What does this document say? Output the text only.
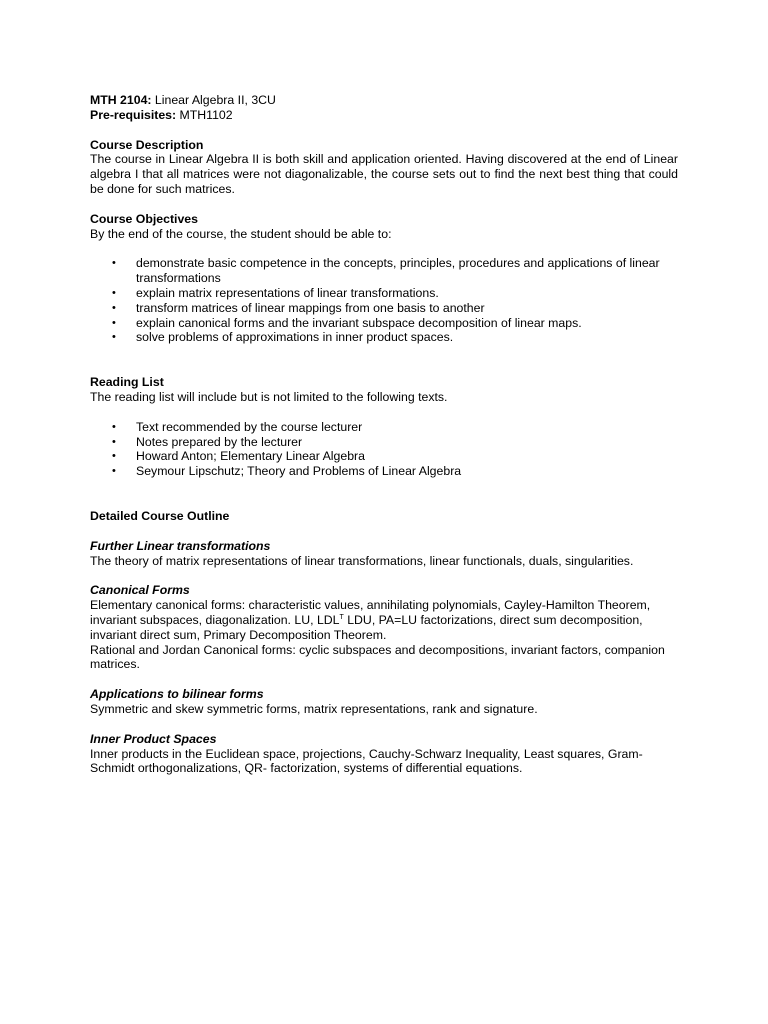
MTH 2104: Linear Algebra II, 3CU

Pre-requisites: MTH1102

Course Description

The course in Linear Algebra II is both skill and application oriented. Having discovered at the end of Linear algebra I that all matrices were not diagonalizable, the course sets out to find the next best thing that could be done for such matrices.

Course Objectives

By the end of the course, the student should be able to:

• demonstrate basic competence in the concepts, principles, procedures and applications of linear transformations
• explain matrix representations of linear transformations.
• transform matrices of linear mappings from one basis to another
• explain canonical forms and the invariant subspace decomposition of linear maps.
• solve problems of approximations in inner product spaces.

Reading List

The reading list will include but is not limited to the following texts.

• Text recommended by the course lecturer
• Notes prepared by the lecturer
• Howard Anton; Elementary Linear Algebra
• Seymour Lipschutz; Theory and Problems of Linear Algebra

Detailed Course Outline

Further Linear transformations

The theory of matrix representations of linear transformations, linear functionals, duals, singularities.

Canonical Forms

Elementary canonical forms: characteristic values, annihilating polynomials, Cayley-Hamilton Theorem, invariant subspaces, diagonalization. LU, $LDL^T$ LDU, PA=LU factorizations, direct sum decomposition, invariant direct sum, Primary Decomposition Theorem.

Rational and Jordan Canonical forms: cyclic subspaces and decompositions, invariant factors, companion matrices.

Applications to bilinear forms

Symmetric and skew symmetric forms, matrix representations, rank and signature.

Inner Product Spaces

Inner products in the Euclidean space, projections, Cauchy-Schwarz Inequality, Least squares, Gram-Schmidt orthogonalizations, QR- factorization, systems of differential equations.
